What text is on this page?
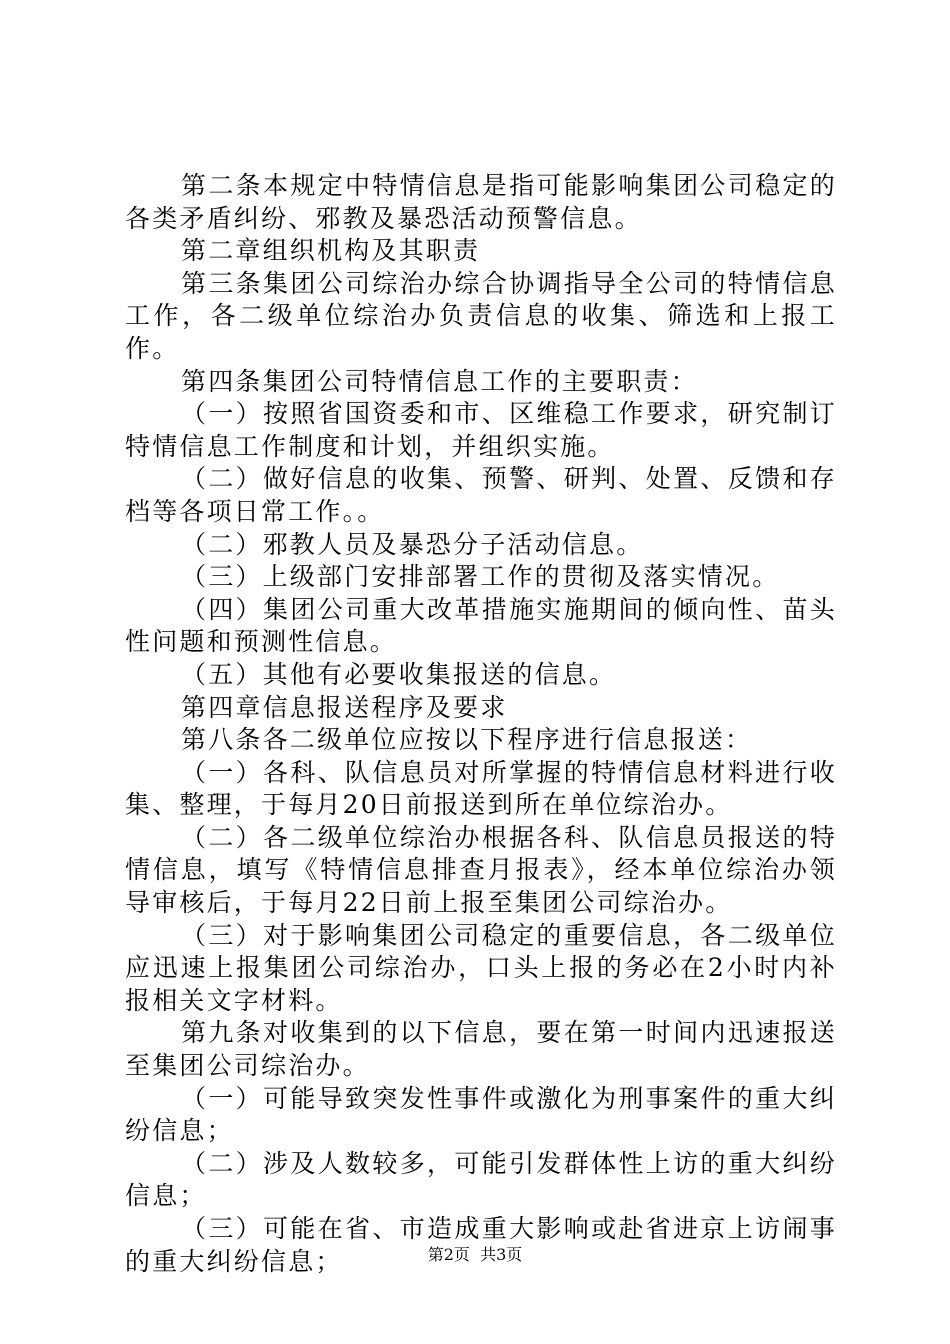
第二条本规定中特情信息是指可能影响集团公司稳定的各类矛盾纠纷、邪教及暴恐活动预警信息。

第二章组织机构及其职责

第三条集团公司综治办综合协调指导全公司的特情信息工作，各二级单位综治办负责信息的收集、筛选和上报工作。

第四条集团公司特情信息工作的主要职责：

（一）按照省国资委和市、区维稳工作要求，研究制订特情信息工作制度和计划，并组织实施。

（二）做好信息的收集、预警、研判、处置、反馈和存档等各项日常工作。。

（二）邪教人员及暴恐分子活动信息。

（三）上级部门安排部署工作的贯彻及落实情况。

（四）集团公司重大改革措施实施期间的倾向性、苗头性问题和预测性信息。

（五）其他有必要收集报送的信息。

第四章信息报送程序及要求

第八条各二级单位应按以下程序进行信息报送：

（一）各科、队信息员对所掌握的特情信息材料进行收集、整理，于每月20日前报送到所在单位综治办。

（二）各二级单位综治办根据各科、队信息员报送的特情信息，填写《特情信息排查月报表》，经本单位综治办领导审核后，于每月22日前上报至集团公司综治办。

（三）对于影响集团公司稳定的重要信息，各二级单位应迅速上报集团公司综治办，口头上报的务必在2小时内补报相关文字材料。

第九条对收集到的以下信息，要在第一时间内迅速报送至集团公司综治办。

（一）可能导致突发性事件或激化为刑事案件的重大纠纷信息；

（二）涉及人数较多，可能引发群体性上访的重大纠纷信息；

（三）可能在省、市造成重大影响或赴省进京上访闹事的重大纠纷信息；	第2页  共3页
